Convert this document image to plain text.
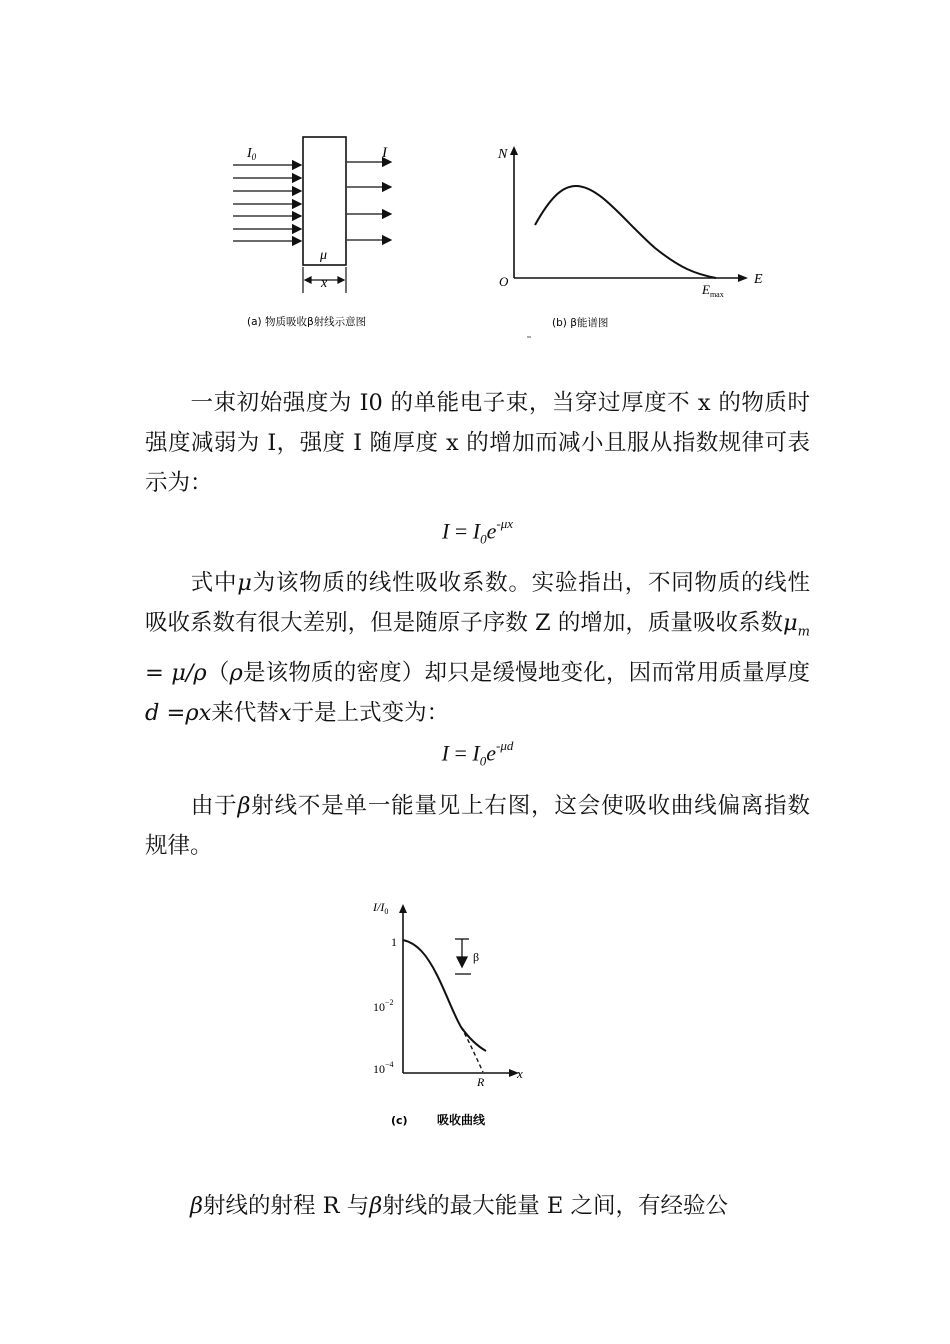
$I_0$	I
μ
x
(a) 物质吸收β射线示意图
N
E
O
$E_{max}$
(b) β能谱图

一束初始强度为 I0 的单能电子束，当穿过厚度不 x 的物质时强度减弱为 I，强度 I 随厚度 x 的增加而减小且服从指数规律可表示为：

$I = I_0e^{-\mu x}$

式中μ为该物质的线性吸收系数。实验指出，不同物质的线性吸收系数有很大差别，但是随原子序数 Z 的增加，质量吸收系数$\mu_m = \mu/\rho(\rho$是该物质的密度）却只是缓慢地变化，因而常用质量厚度d =ρx来代替x于是上式变为：

$I = I_0e^{-\mu d}$

由于β射线不是单一能量见上右图，这会使吸收曲线偏离指数规律。

$I/I_0$
1
$10^{-2}$
$10^{-4}$
β
R
x
(c) 吸收曲线

β射线的射程 R 与β射线的最大能量 E 之间，有经验公
